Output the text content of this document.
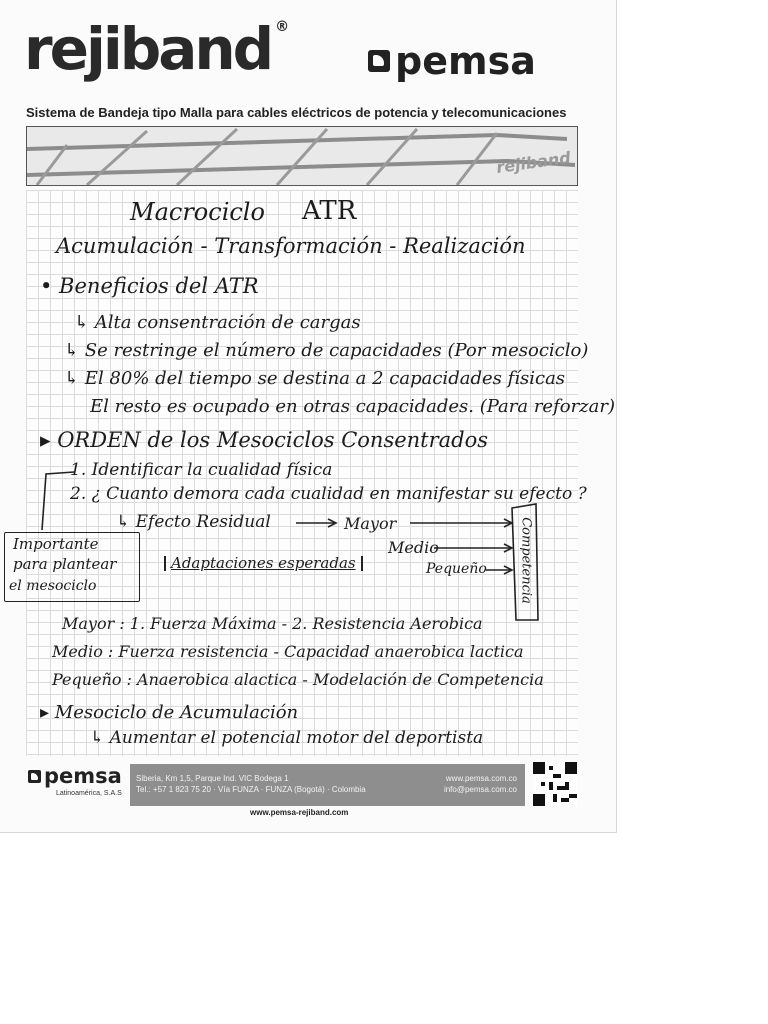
rejiband ®
pemsa
Sistema de Bandeja tipo Malla para cables eléctricos de potencia y telecomunicaciones
rejiband
Macrociclo ATR
Acumulación - Transformación - Realización
• Beneficios del ATR
↳ Alta consentración de cargas
↳ Se restringe el número de capacidades (Por mesociclo)
↳ El 80% del tiempo se destina a 2 capacidades físicas
El resto es ocupado en otras capacidades. (Para reforzar)
▸ ORDEN de los Mesociclos Consentrados
1. Identificar la cualidad física
2. ¿ Cuanto demora cada cualidad en manifestar su efecto ?
↳ Efecto Residual	Mayor
Medio
Pequeño
Adaptaciones esperadas
Mayor : 1. Fuerza Máxima - 2. Resistencia Aerobica
Medio : Fuerza resistencia - Capacidad anaerobica lactica
Pequeño : Anaerobica alactica - Modelación de Competencia
▸ Mesociclo de Acumulación
↳ Aumentar el potencial motor del deportista
Importante
para plantear
el mesociclo	Competencia
pemsa
Latinoamérica, S.A.S
Siberia, Km 1,5, Parque Ind. VIC Bodega 1
Tel.: +57 1 823 75 20 · Vía FUNZA · FUNZA (Bogotá) · Colombia
www.pemsa.com.co
info@pemsa.com.co
www.pemsa-rejiband.com
